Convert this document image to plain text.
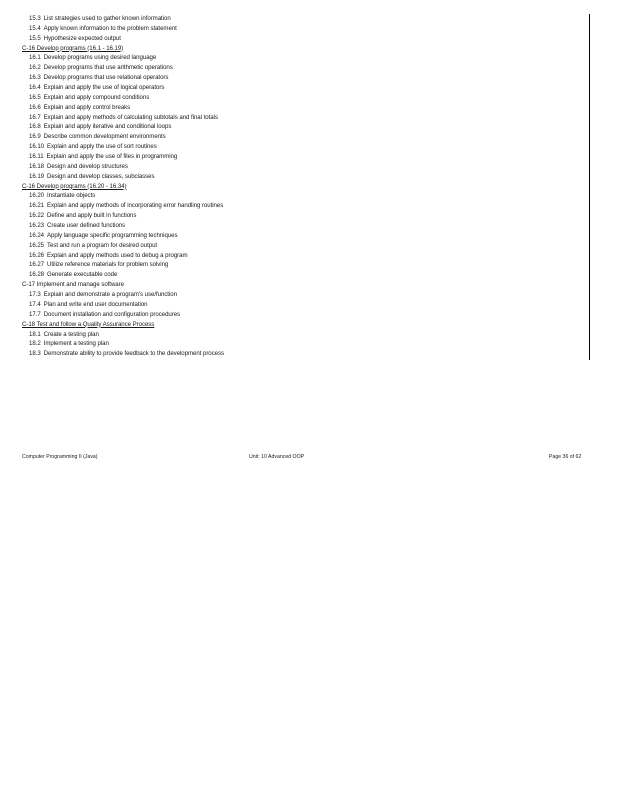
15.3 List strategies used to gather known information
15.4 Apply known information to the problem statement
15.5 Hypothesize expected output
C-16 Develop programs (16.1 - 16.19)
16.1 Develop programs using desired language
16.2 Develop programs that use arithmetic operations
16.3 Develop programs that use relational operators
16.4 Explain and apply the use of logical operators
16.5 Explain and apply compound conditions
16.6 Explain and apply control breaks
16.7 Explain and apply methods of calculating subtotals and final totals
16.8 Explain and apply iterative and conditional loops
16.9 Describe common development environments
16.10 Explain and apply the use of sort routines
16.11 Explain and apply the use of files in programming
16.18 Design and develop structures
16.19 Design and develop classes, subclasses
C-16 Develop programs (16.20 - 16.34)
16.20 Instantiate objects
16.21 Explain and apply methods of incorporating error handling routines
16.22 Define and apply built in functions
16.23 Create user defined functions
16.24 Apply language specific programming techniques
16.25 Test and run a program for desired output
16.26 Explain and apply methods used to debug a program
16.27 Utilize reference materials for problem solving
16.28 Generate executable code
C-17 Implement and manage software
17.3 Explain and demonstrate a program's use/function
17.4 Plan and write end user documentation
17.7 Document installation and configuration procedures
C-18 Test and follow a Quality Assurance Process
18.1 Create a testing plan
18.2 Implement a testing plan
18.3 Demonstrate ability to provide feedback to the development process
Computer Programming II (Java)	Unit: 10 Advanced OOP	Page 36 of 62
